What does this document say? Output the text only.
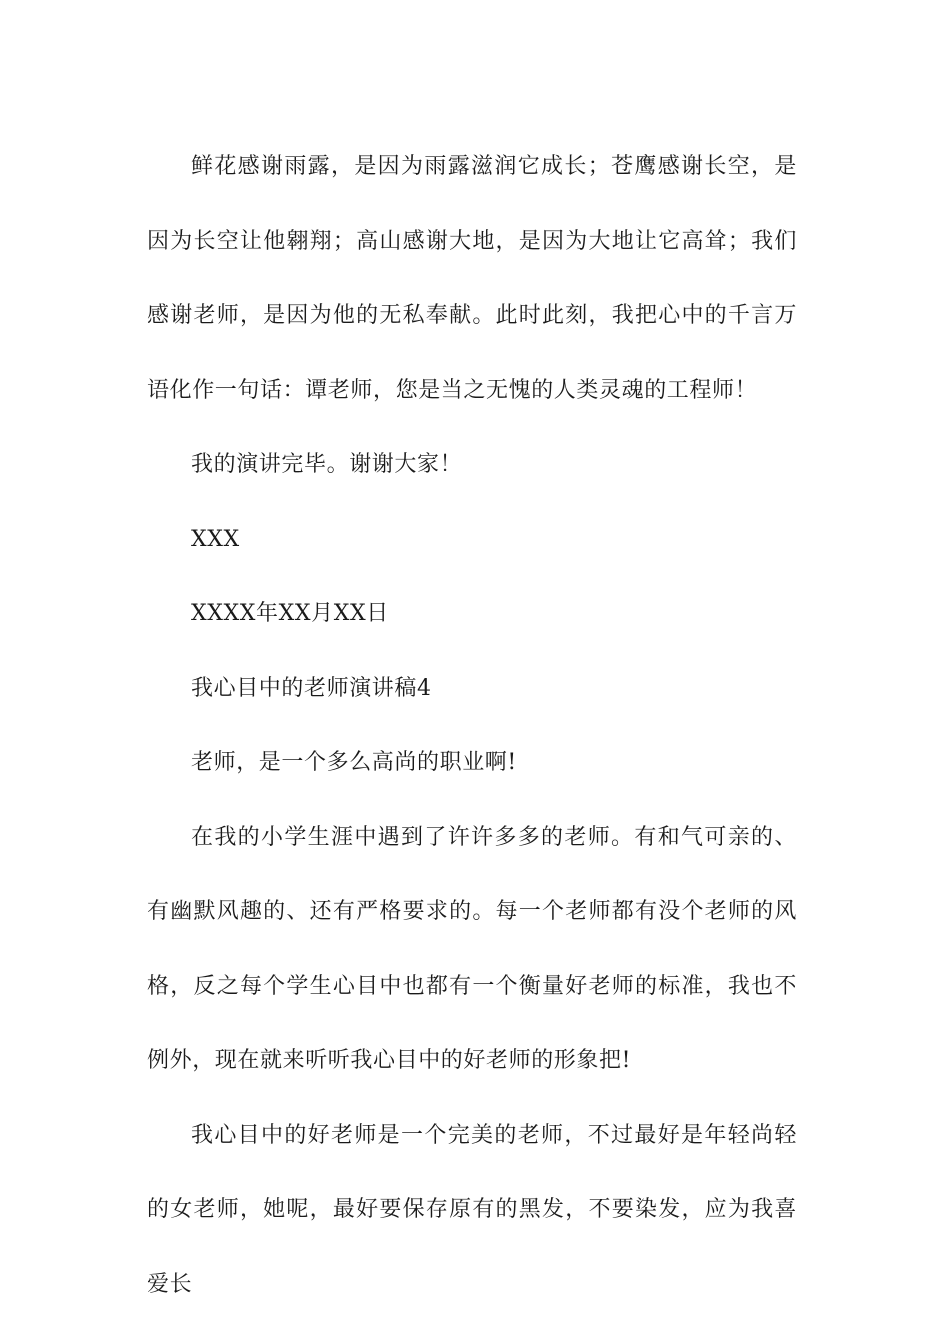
鲜花感谢雨露，是因为雨露滋润它成长；苍鹰感谢长空，是因为长空让他翱翔；高山感谢大地，是因为大地让它高耸；我们感谢老师，是因为他的无私奉献。此时此刻，我把心中的千言万语化作一句话：谭老师，您是当之无愧的人类灵魂的工程师！

我的演讲完毕。谢谢大家！

XXX

XXXX年XX月XX日

我心目中的老师演讲稿4

老师，是一个多么高尚的职业啊!

在我的小学生涯中遇到了许许多多的老师。有和气可亲的、有幽默风趣的、还有严格要求的。每一个老师都有没个老师的风格，反之每个学生心目中也都有一个衡量好老师的标准，我也不例外，现在就来听听我心目中的好老师的形象把!

我心目中的好老师是一个完美的老师，不过最好是年轻尚轻的女老师，她呢，最好要保存原有的黑发，不要染发，应为我喜爱长
